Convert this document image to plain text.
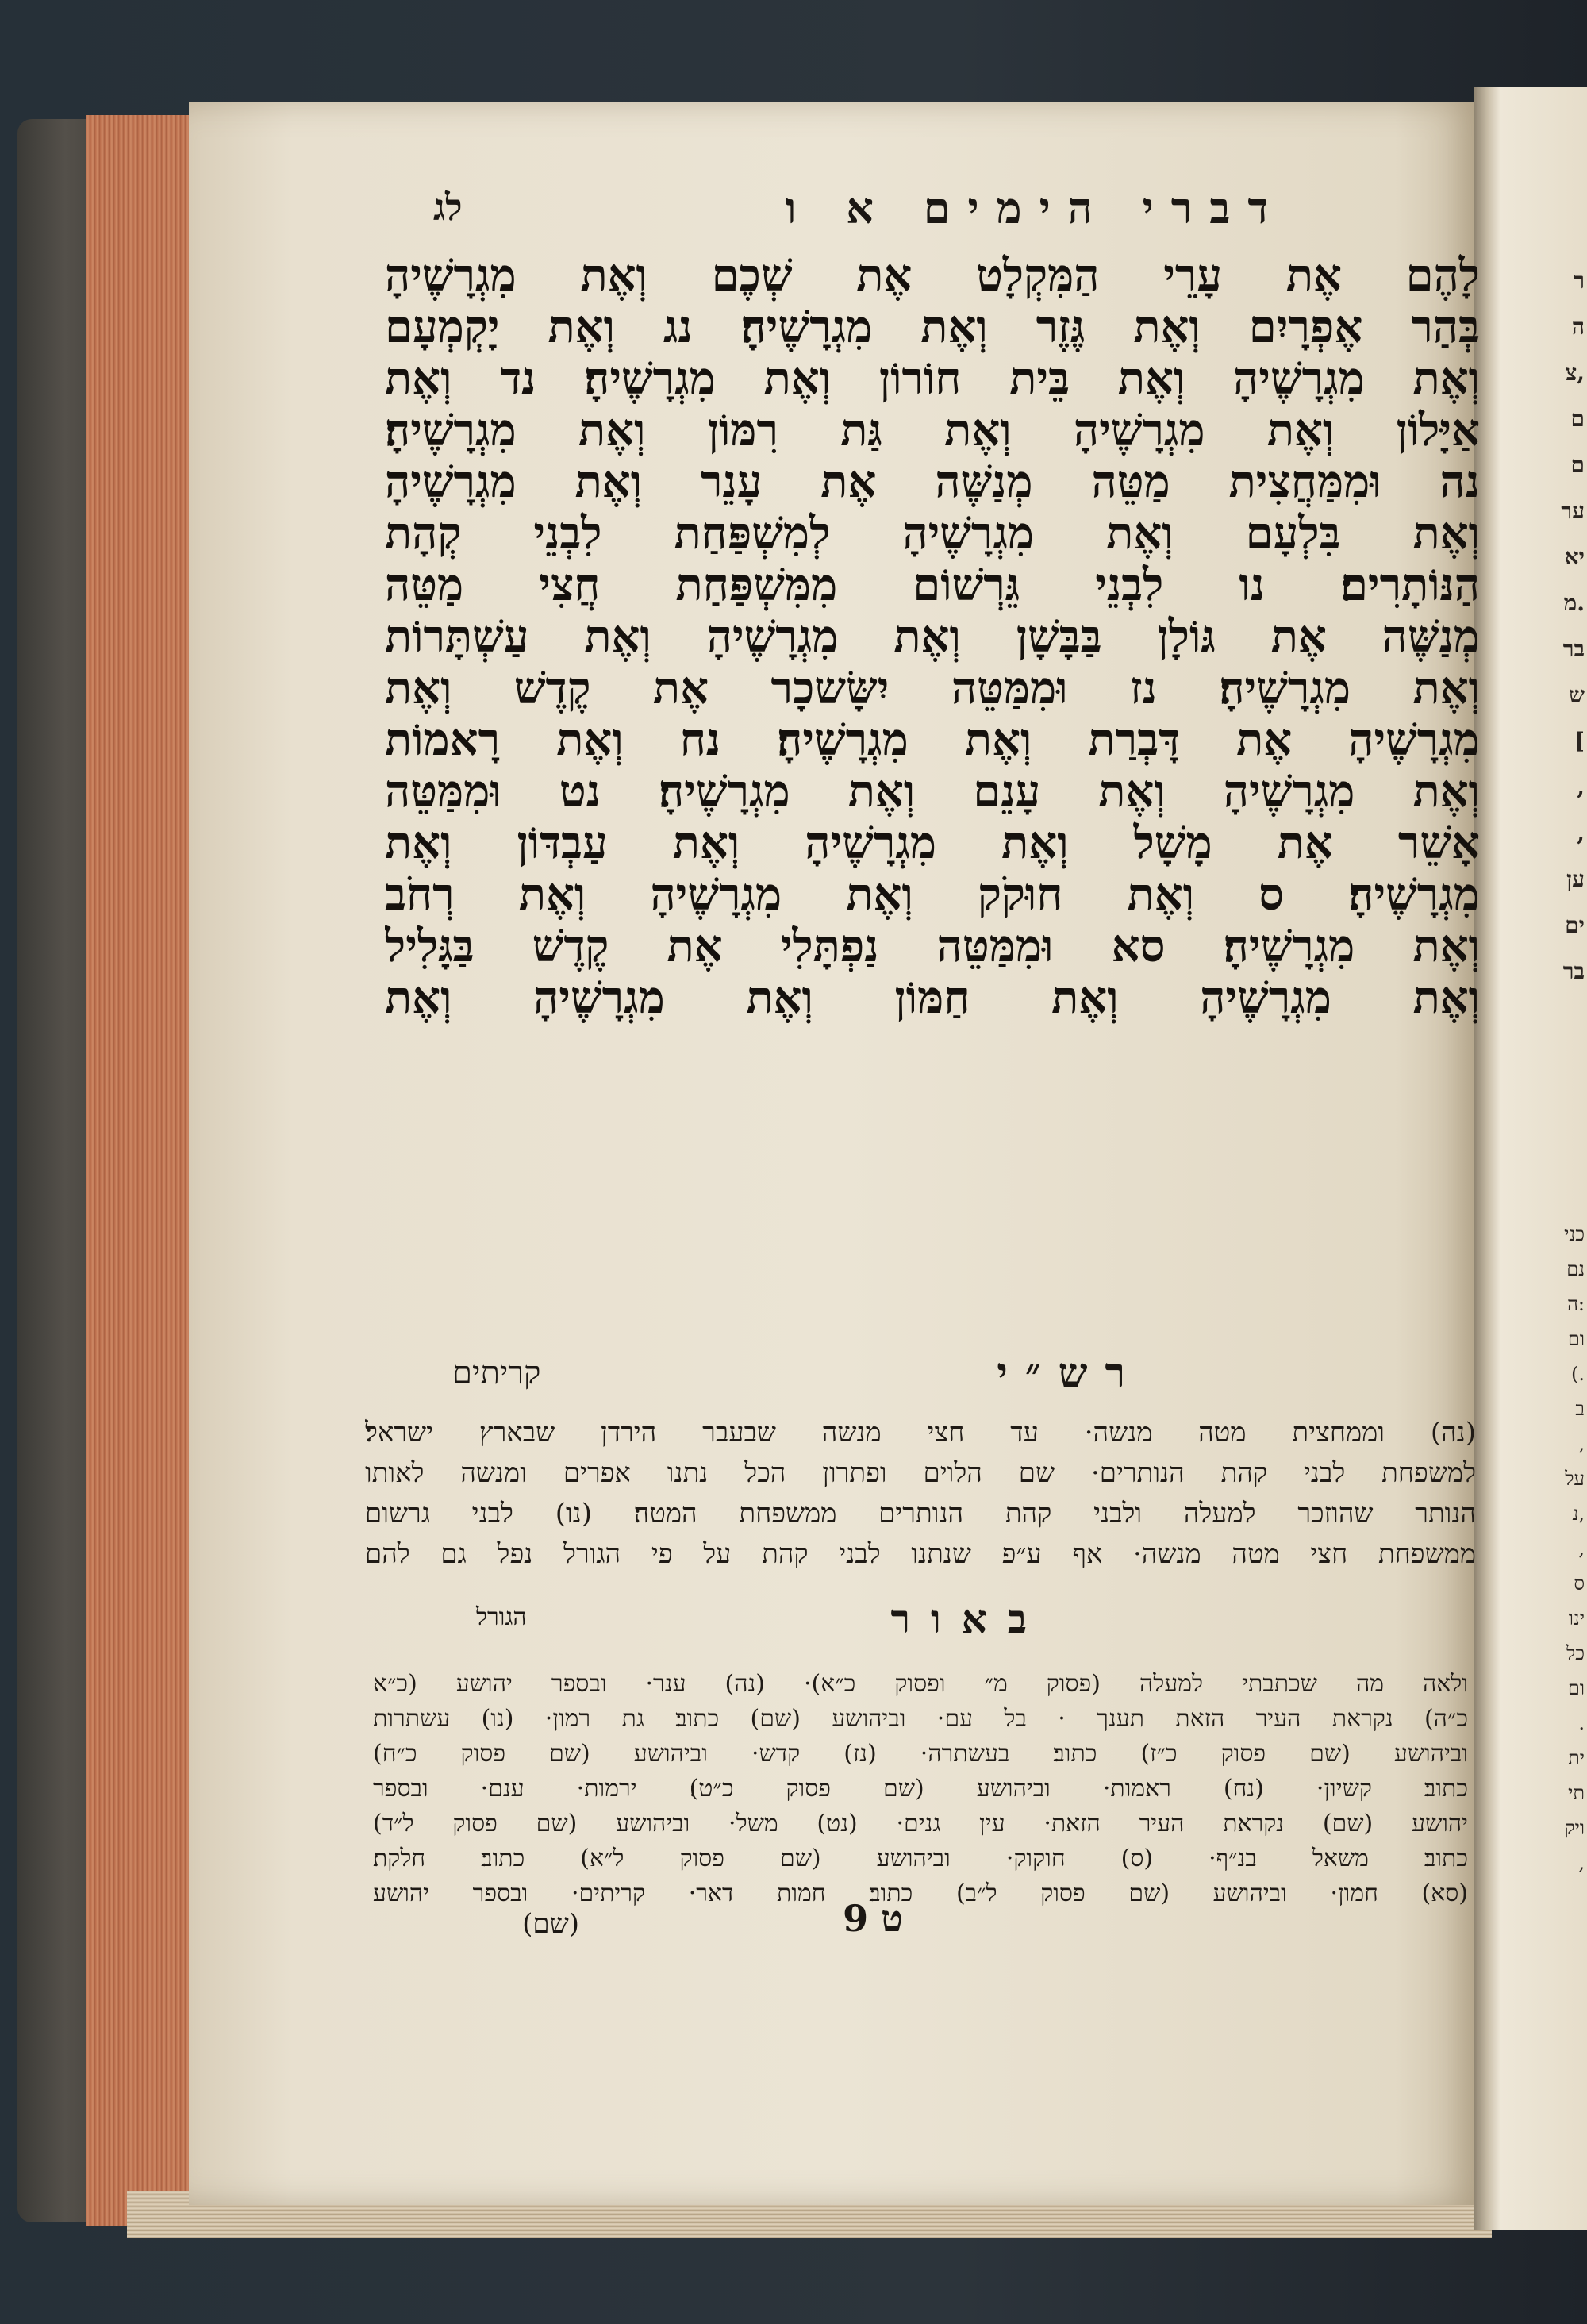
ר
ה
צ,
ם
ם
ער
יא
מ.
בר
ש
[
,
,
ען
ים
בר
כני
נם
ה:
ום
(.
ב
,
על
נ,
,
ס
ינו
כל
ום
.
ית
תי
ויק
,
דברי הימים א ו
לג
לָהֶם אֶת עָרֵי הַמִּקְלָט אֶת שְׁכֶם וְאֶת מִגְרָשֶׁיהָ
בְּהַר אֶפְרָיִם וְאֶת גֶּזֶר וְאֶת מִגְרָשֶׁיהָ׃ נג וְאֶת יָקְמְעָם
וְאֶת מִגְרָשֶׁיהָ וְאֶת בֵּית חוֹרוֹן וְאֶת מִגְרָשֶׁיהָ׃ נד וְאֶת
אַיָּלוֹן וְאֶת מִגְרָשֶׁיהָ וְאֶת גַּת רִמּוֹן וְאֶת מִגְרָשֶׁיהָ׃
נה וּמִמַּחֲצִית מַטֵּה מְנַשֶּׁה אֶת עָנֵר וְאֶת מִגְרָשֶׁיהָ
וְאֶת בִּלְעָם וְאֶת מִגְרָשֶׁיהָ לְמִשְׁפַּחַת לִבְנֵי קְהָת
הַנּוֹתָרִים׃ נו לִבְנֵי גֵּרְשׁוֹם מִמִּשְׁפַּחַת חֲצִי מַטֵּה
מְנַשֶּׁה אֶת גּוֹלָן בַּבָּשָׁן וְאֶת מִגְרָשֶׁיהָ וְאֶת עַשְׁתָּרוֹת
וְאֶת מִגְרָשֶׁיהָ׃ נז וּמִמַּטֵּה יִשָּׂשכָר אֶת קֶדֶשׁ וְאֶת
מִגְרָשֶׁיהָ אֶת דָּבְרַת וְאֶת מִגְרָשֶׁיהָ׃ נח וְאֶת רָאמוֹת
וְאֶת מִגְרָשֶׁיהָ וְאֶת עָנֵם וְאֶת מִגְרָשֶׁיהָ׃ נט וּמִמַּטֵּה
אָשֵׁר אֶת מָשָׁל וְאֶת מִגְרָשֶׁיהָ וְאֶת עַבְדּוֹן וְאֶת
מִגְרָשֶׁיהָ׃ ס וְאֶת חוּקֹק וְאֶת מִגְרָשֶׁיהָ וְאֶת רְחֹב
וְאֶת מִגְרָשֶׁיהָ׃ סא וּמִמַּטֵּה נַפְתָּלִי אֶת קֶדֶשׁ בַּגָּלִיל
וְאֶת מִגְרָשֶׁיהָ וְאֶת חַמּוֹן וְאֶת מִגְרָשֶׁיהָ וְאֶת
רש״י
קריתים
(נה) וממחצית מטה מנשה· עד חצי מנשה שבעבר הירדן שבארץ ישראל׃
למשפחת לבני קהת הנותרים· שם הלוים ופתרון הכל נתנו אפרים ומנשה לאותו
הנותר שהוזכר למעלה ולבני קהת הנותרים ממשפחת המטה׃ (נו) לבני גרשום
ממשפחת חצי מטה מנשה· אף ע״פ שנתנו לבני קהת על פי הגורל נפל גם להם
באור
הגורל
ולאה מה שכתבתי למעלה (פסוק מ״ ופסוק כ״א)· (נה) ענר· ובספר יהושע (כ״א
כ״ה) נקראת העיר הזאת תענך · בל עם· וביהושע (שם) כתוב׃ גת רמון· (נו) עשתרות
וביהושע (שם פסוק כ״ז) כתוב׃ בעשתרה· (נז) קדש· וביהושע (שם פסוק כ״ח)
כתוב׃ קשיון· (נח) ראמות· וביהושע (שם פסוק כ״ט)׃ ירמות· ענם· ובספר
יהושע (שם) נקראת העיר הזאת· עין גנים· (נט) משל· וביהושע (שם פסוק ל״ד)
כתוב׃ משאל בנ״ף· (ס) חוקוק· וביהושע (שם פסוק ל״א) כתוב׃ חלקת׃
(סא) חמון· וביהושע (שם פסוק ל״ב) כתוב׃ חמות דאר· קריתים· ובספר יהושע
ט 9
(שם)
